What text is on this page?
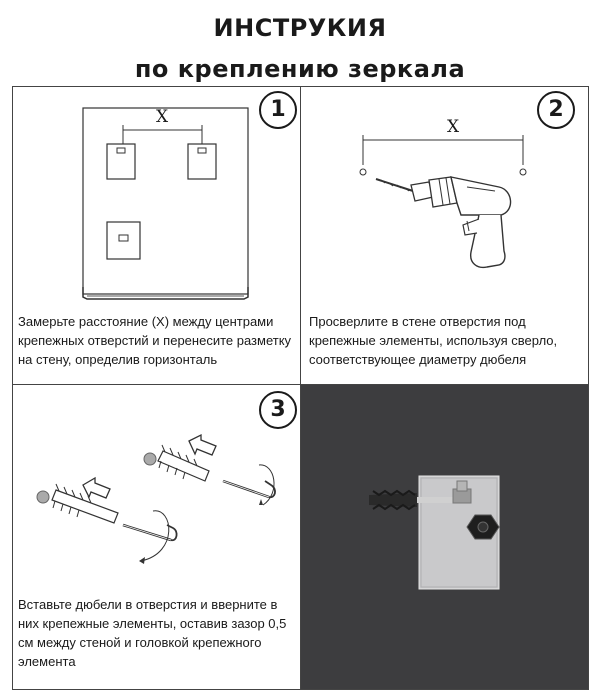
ИНСТРУКИЯ
по креплению зеркала
X	1

Замерьте расстояние (X) между центрами крепежных отверстий и перенесите разметку на стену, определив горизонталь

X
2

Просверлите в стене отверстия под крепежные элементы, используя сверло, соответствующее диаметру дюбеля

3

Вставьте дюбели в отверстия и вверните в них крепежные элементы, оставив зазор 0,5 см между стеной и головкой крепежного элемента
